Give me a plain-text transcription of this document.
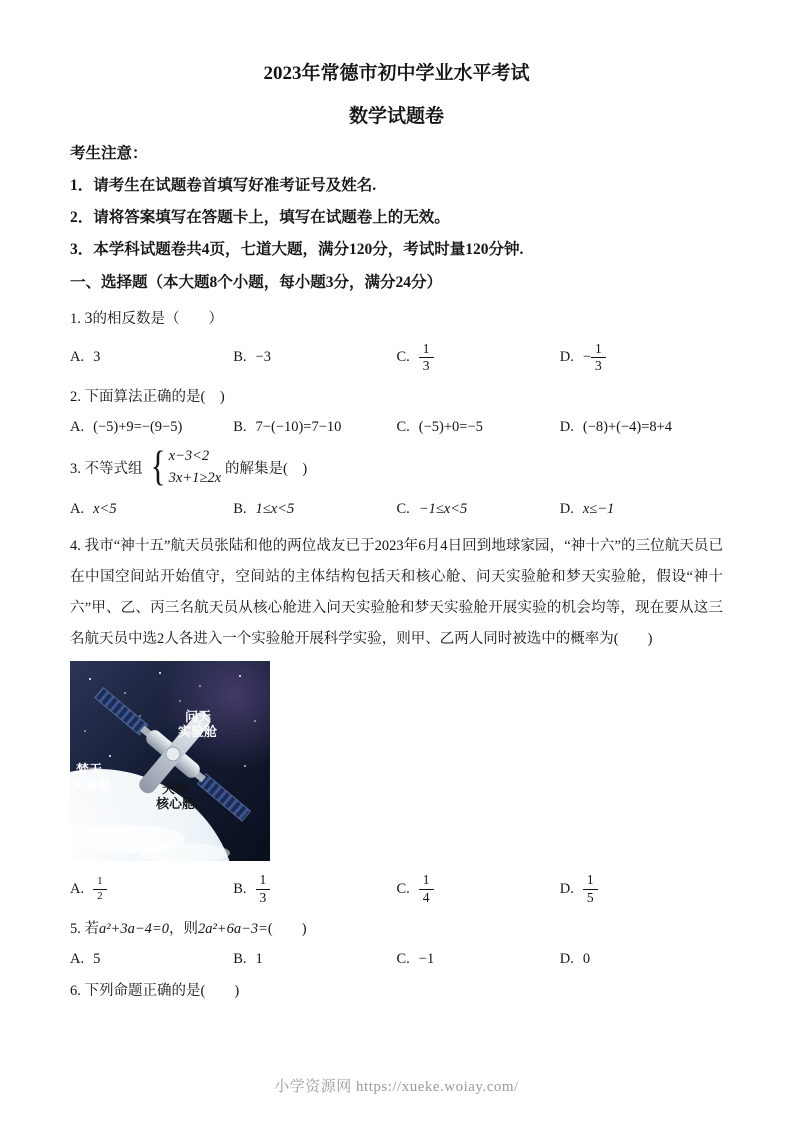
2023年常德市初中学业水平考试
数学试题卷

考生注意：

1．请考生在试题卷首填写好准考证号及姓名.

2．请将答案填写在答题卡上，填写在试题卷上的无效。

3．本学科试题卷共4页，七道大题，满分120分，考试时量120分钟.

一、选择题（本大题8个小题，每小题3分，满分24分）

1. 3的相反数是（　　）

A. 3	B. −3	C. $\frac{1}{3}$	D. − $\frac{1}{3}$

2. 下面算法正确的是(　)

A. (−5)+9=−(9−5)	B. 7−(−10)=7−10	C. (−5)+0=−5	D. (−8)+(−4)=8+4
3. 不等式组 { x−3<2
3x+1≥2x
的解集是(　)
A. x<5	B. 1≤x<5	C. −1≤x<5	D. x≤−1

4. 我市“神十五”航天员张陆和他的两位战友已于2023年6月4日回到地球家园，“神十六”的三位航天员已在中国空间站开始值守，空间站的主体结构包括天和核心舱、问天实验舱和梦天实验舱，假设“神十六”甲、乙、丙三名航天员从核心舱进入问天实验舱和梦天实验舱开展实验的机会均等，现在要从这三名航天员中选2人各进入一个实验舱开展科学实验，则甲、乙两人同时被选中的概率为(　　)

问天
实验舱
梦天
实验舱	天和
核心舱
A. $\frac{1}{2}$	B. $\frac{1}{3}$	C. $\frac{1}{4}$	D. $\frac{1}{5}$

5. 若a²+3a−4=0，则2a²+6a−3=(　　)

A. 5	B. 1	C. −1	D. 0

6. 下列命题正确的是(　　)

小学资源网 https://xueke.woiay.com/
